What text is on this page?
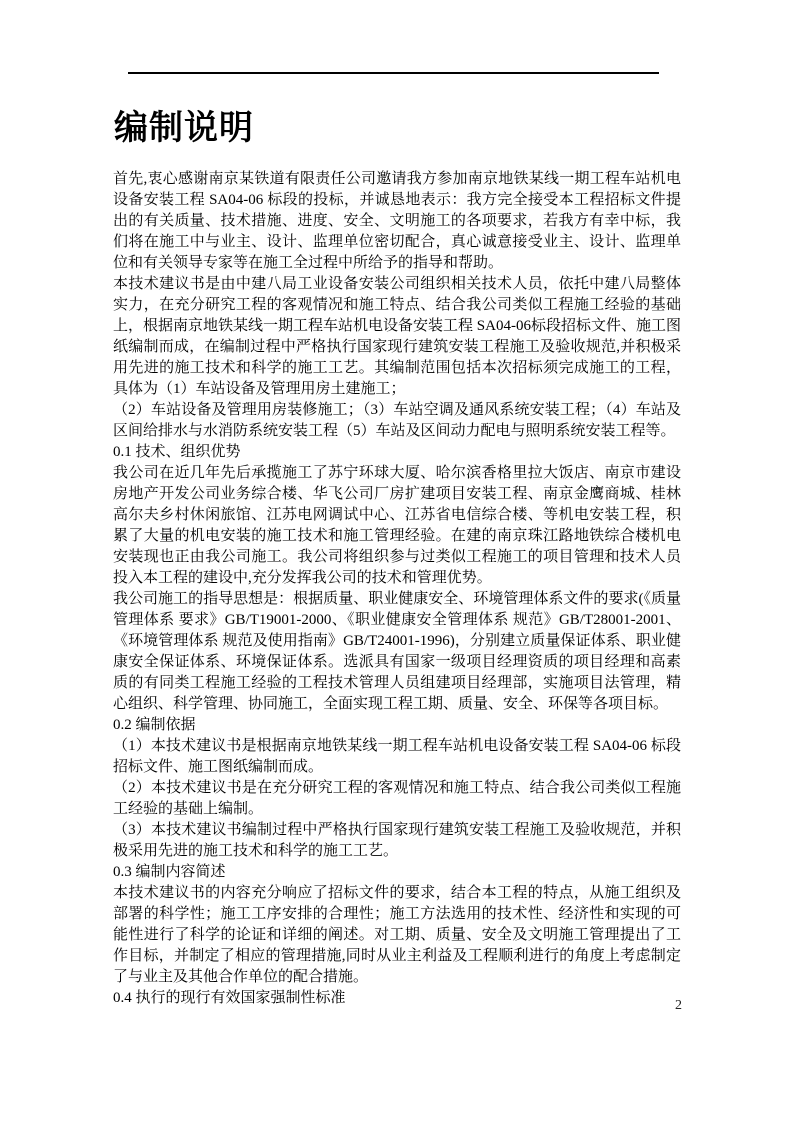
编制说明
首先,衷心感谢南京某铁道有限责任公司邀请我方参加南京地铁某线一期工程车站机电设备安装工程 SA04-06 标段的投标，并诚恳地表示：我方完全接受本工程招标文件提出的有关质量、技术措施、进度、安全、文明施工的各项要求，若我方有幸中标，我们将在施工中与业主、设计、监理单位密切配合，真心诚意接受业主、设计、监理单位和有关领导专家等在施工全过程中所给予的指导和帮助。
本技术建议书是由中建八局工业设备安装公司组织相关技术人员，依托中建八局整体实力，在充分研究工程的客观情况和施工特点、结合我公司类似工程施工经验的基础上，根据南京地铁某线一期工程车站机电设备安装工程 SA04-06标段招标文件、施工图纸编制而成，在编制过程中严格执行国家现行建筑安装工程施工及验收规范,并积极采用先进的施工技术和科学的施工工艺。其编制范围包括本次招标须完成施工的工程，具体为（1）车站设备及管理用房土建施工；
（2）车站设备及管理用房装修施工；（3）车站空调及通风系统安装工程；（4）车站及区间给排水与水消防系统安装工程（5）车站及区间动力配电与照明系统安装工程等。
0.1 技术、组织优势
我公司在近几年先后承揽施工了苏宁环球大厦、哈尔滨香格里拉大饭店、南京市建设房地产开发公司业务综合楼、华飞公司厂房扩建项目安装工程、南京金鹰商城、桂林高尔夫乡村休闲旅馆、江苏电网调试中心、江苏省电信综合楼、等机电安装工程，积累了大量的机电安装的施工技术和施工管理经验。在建的南京珠江路地铁综合楼机电安装现也正由我公司施工。我公司将组织参与过类似工程施工的项目管理和技术人员投入本工程的建设中,充分发挥我公司的技术和管理优势。
我公司施工的指导思想是：根据质量、职业健康安全、环境管理体系文件的要求(《质量管理体系 要求》GB/T19001-2000、《职业健康安全管理体系 规范》GB/T28001-2001、《环境管理体系 规范及使用指南》GB/T24001-1996)，分别建立质量保证体系、职业健康安全保证体系、环境保证体系。选派具有国家一级项目经理资质的项目经理和高素质的有同类工程施工经验的工程技术管理人员组建项目经理部，实施项目法管理，精心组织、科学管理、协同施工，全面实现工程工期、质量、安全、环保等各项目标。
0.2 编制依据
（1）本技术建议书是根据南京地铁某线一期工程车站机电设备安装工程 SA04-06 标段招标文件、施工图纸编制而成。
（2）本技术建议书是在充分研究工程的客观情况和施工特点、结合我公司类似工程施工经验的基础上编制。
（3）本技术建议书编制过程中严格执行国家现行建筑安装工程施工及验收规范，并积极采用先进的施工技术和科学的施工工艺。
0.3 编制内容简述
本技术建议书的内容充分响应了招标文件的要求，结合本工程的特点，从施工组织及部署的科学性；施工工序安排的合理性；施工方法选用的技术性、经济性和实现的可能性进行了科学的论证和详细的阐述。对工期、质量、安全及文明施工管理提出了工作目标，并制定了相应的管理措施,同时从业主利益及工程顺利进行的角度上考虑制定了与业主及其他合作单位的配合措施。
0.4 执行的现行有效国家强制性标准	2
